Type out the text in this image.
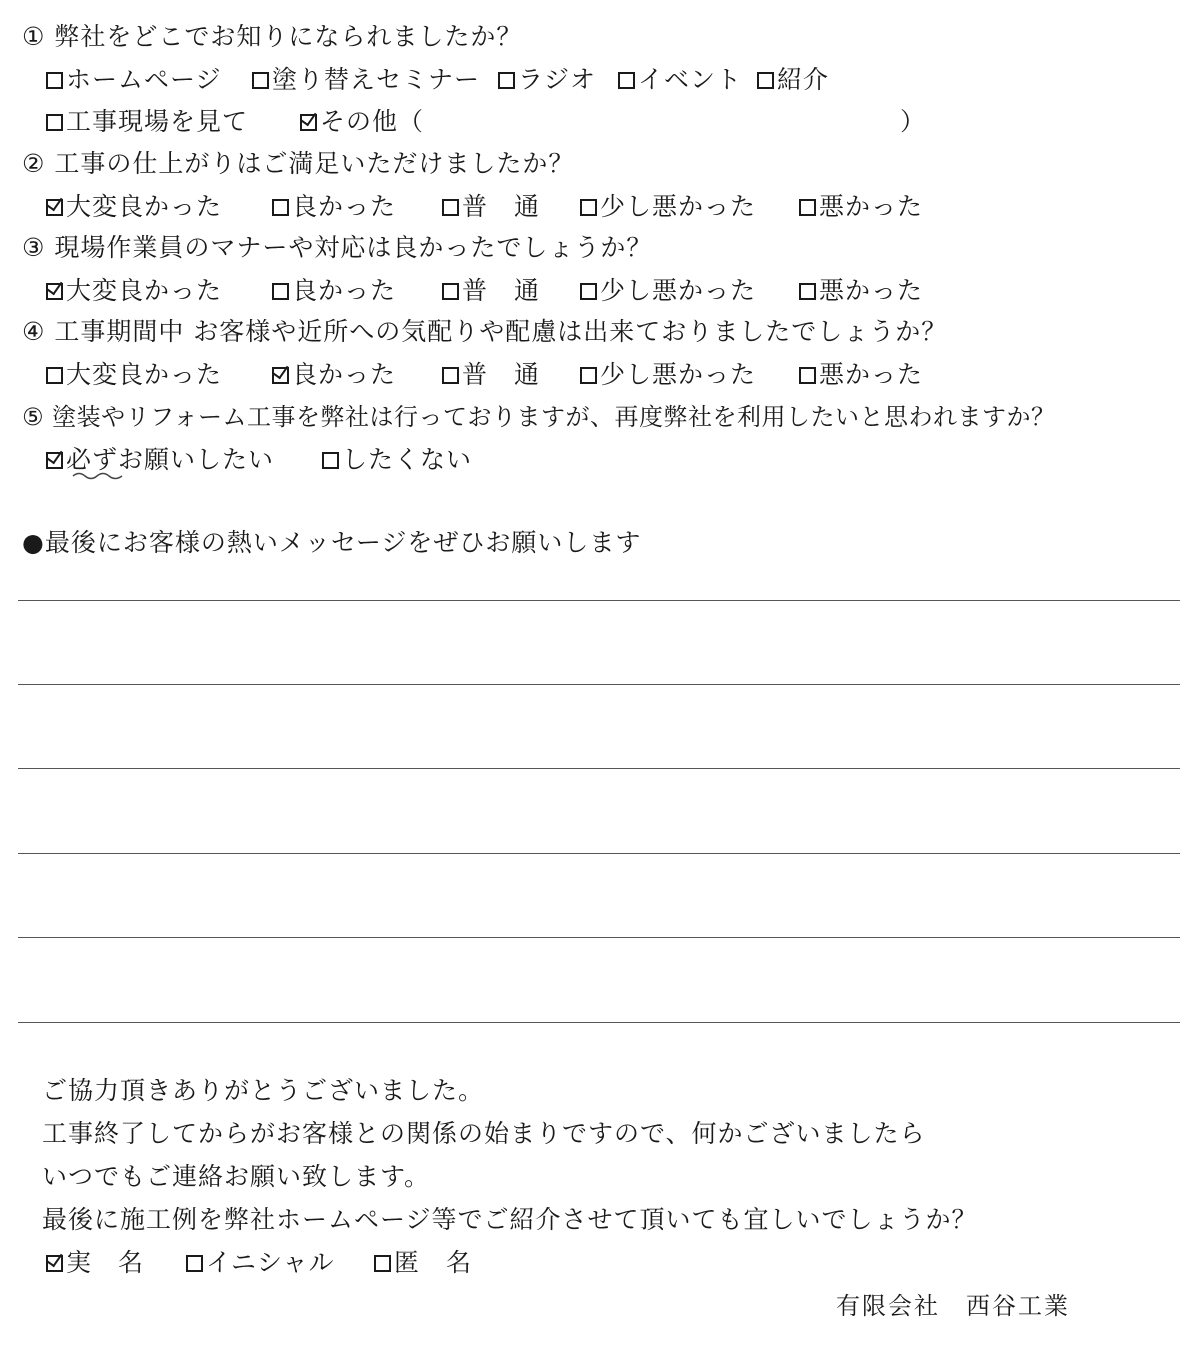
① 弊社をどこでお知りになられましたか？
ホームページ	塗り替えセミナー	ラジオ	イベント	紹介
工事現場を見て	その他（	）
② 工事の仕上がりはご満足いただけましたか？
大変良かった	良かった	普　通	少し悪かった	悪かった
③ 現場作業員のマナーや対応は良かったでしょうか？
大変良かった	良かった	普　通	少し悪かった	悪かった
④ 工事期間中 お客様や近所への気配りや配慮は出来ておりましたでしょうか？
大変良かった	良かった	普　通	少し悪かった	悪かった
⑤ 塗装やリフォーム工事を弊社は行っておりますが、再度弊社を利用したいと思われますか？
必ずお願いしたい	したくない
●最後にお客様の熱いメッセージをぜひお願いします
ご協力頂きありがとうございました。
工事終了してからがお客様との関係の始まりですので、何かございましたら
いつでもご連絡お願い致します。
最後に施工例を弊社ホームページ等でご紹介させて頂いても宜しいでしょうか？
実　名	イニシャル	匿　名
有限会社　西谷工業
